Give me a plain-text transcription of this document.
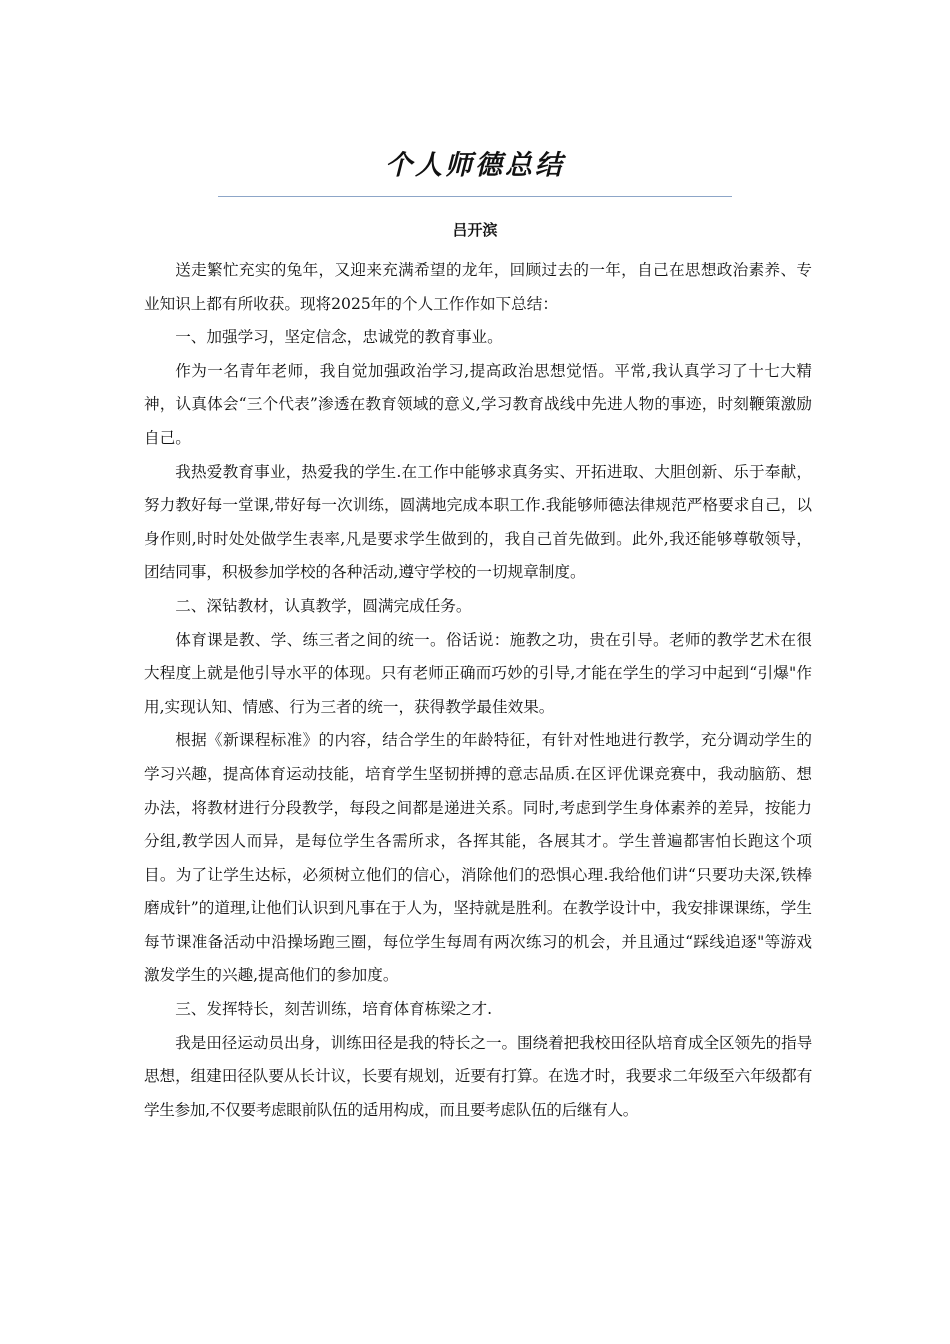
个人师德总结
吕开滨

送走繁忙充实的兔年，又迎来充满希望的龙年，回顾过去的一年，自己在思想政治素养、专业知识上都有所收获。现将2025年的个人工作作如下总结：

一、加强学习，坚定信念，忠诚党的教育事业。

作为一名青年老师，我自觉加强政治学习,提高政治思想觉悟。平常,我认真学习了十七大精神，认真体会“三个代表”渗透在教育领域的意义,学习教育战线中先进人物的事迹，时刻鞭策激励自己。

我热爱教育事业，热爱我的学生.在工作中能够求真务实、开拓进取、大胆创新、乐于奉献，努力教好每一堂课,带好每一次训练，圆满地完成本职工作.我能够师德法律规范严格要求自己，以身作则,时时处处做学生表率,凡是要求学生做到的，我自己首先做到。此外,我还能够尊敬领导，团结同事，积极参加学校的各种活动,遵守学校的一切规章制度。

二、深钻教材，认真教学，圆满完成任务。

体育课是教、学、练三者之间的统一。俗话说：施教之功，贵在引导。老师的教学艺术在很大程度上就是他引导水平的体现。只有老师正确而巧妙的引导,才能在学生的学习中起到“引爆"作用,实现认知、情感、行为三者的统一，获得教学最佳效果。

根据《新课程标准》的内容，结合学生的年龄特征，有针对性地进行教学，充分调动学生的学习兴趣，提高体育运动技能，培育学生坚韧拼搏的意志品质.在区评优课竞赛中，我动脑筋、想办法，将教材进行分段教学，每段之间都是递进关系。同时,考虑到学生身体素养的差异，按能力分组,教学因人而异，是每位学生各需所求，各挥其能，各展其才。学生普遍都害怕长跑这个项目。为了让学生达标，必须树立他们的信心，消除他们的恐惧心理.我给他们讲“只要功夫深,铁棒磨成针”的道理,让他们认识到凡事在于人为，坚持就是胜利。在教学设计中，我安排课课练，学生每节课准备活动中沿操场跑三圈，每位学生每周有两次练习的机会，并且通过“踩线追逐"等游戏激发学生的兴趣,提高他们的参加度。

三、发挥特长，刻苦训练，培育体育栋梁之才.

我是田径运动员出身，训练田径是我的特长之一。围绕着把我校田径队培育成全区领先的指导思想，组建田径队要从长计议，长要有规划，近要有打算。在选才时，我要求二年级至六年级都有学生参加,不仅要考虑眼前队伍的适用构成，而且要考虑队伍的后继有人。
